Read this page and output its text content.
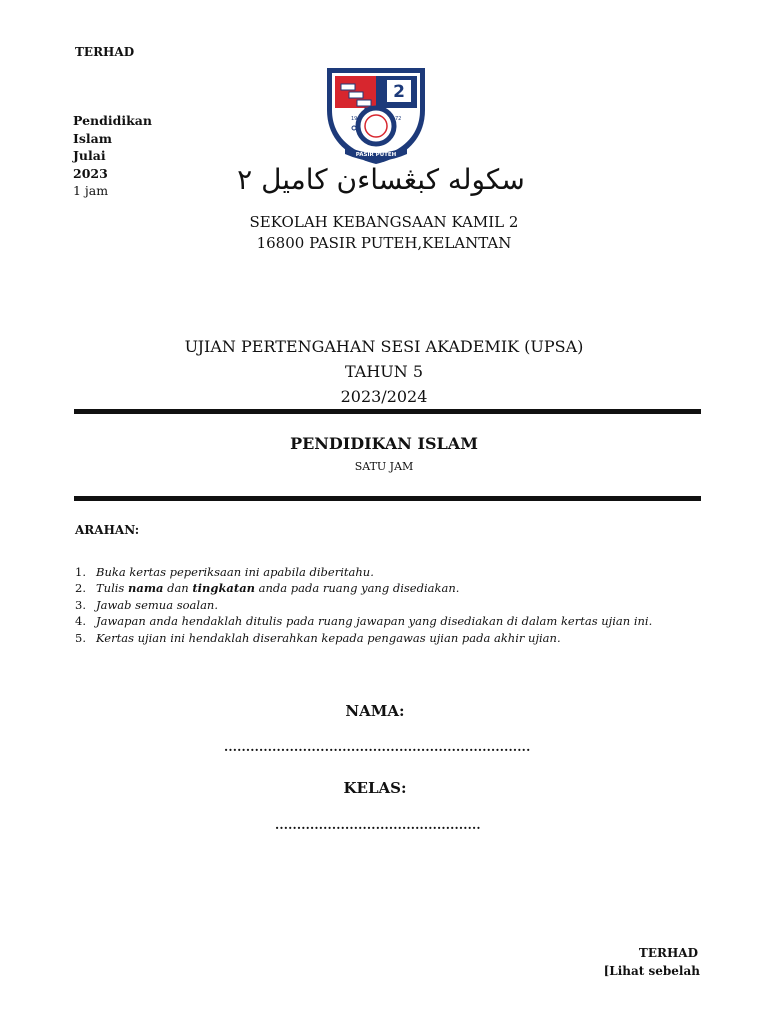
TERHAD
Pendidikan
Islam
Julai
2023
1 jam
2
19	72
PASIR PUTEH
سكوله كبڠساءن كاميل ٢
SEKOLAH KEBANGSAAN KAMIL 2
16800 PASIR PUTEH,KELANTAN
UJIAN PERTENGAHAN SESI AKADEMIK (UPSA)
TAHUN 5
2023/2024
PENDIDIKAN ISLAM
SATU JAM
ARAHAN:
1. Buka kertas peperiksaan ini apabila diberitahu.
2. Tulis nama dan tingkatan anda pada ruang yang disediakan.
3. Jawab semua soalan.
4. Jawapan anda hendaklah ditulis pada ruang jawapan yang disediakan di dalam kertas ujian ini.
5. Kertas ujian ini hendaklah diserahkan kepada pengawas ujian pada akhir ujian.
NAMA:
......................................................................
KELAS:
...............................................
TERHAD
[Lihat sebelah
